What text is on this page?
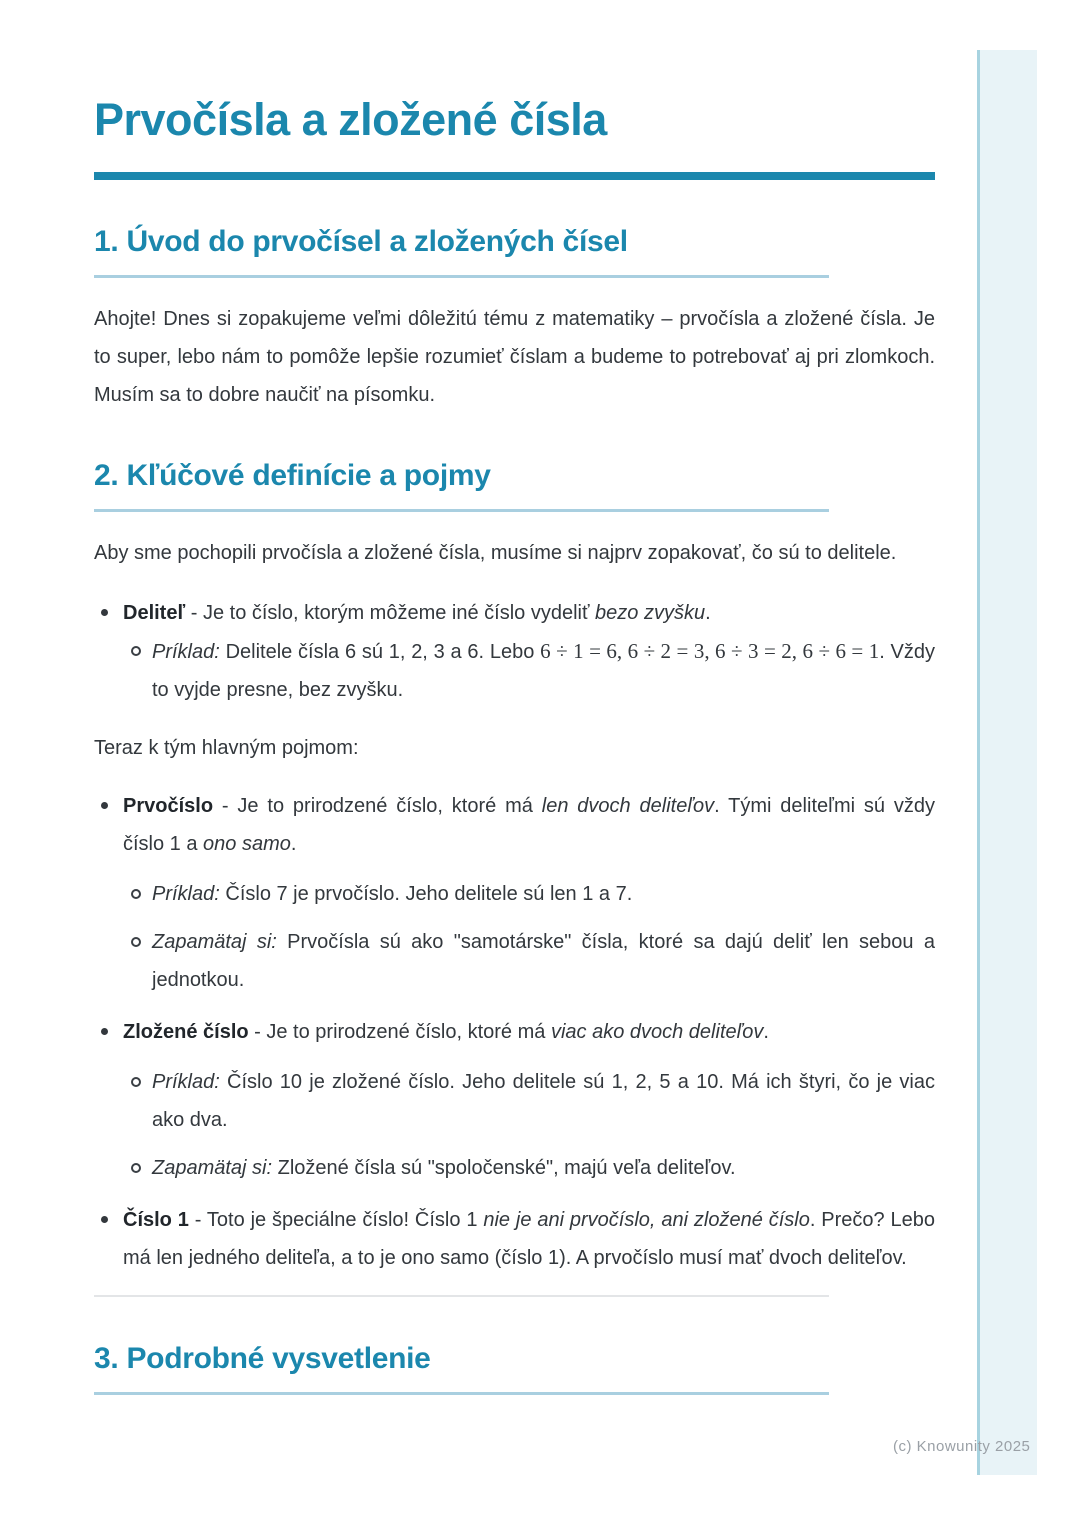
(c) Knowunity 2025
Prvočísla a zložené čísla
1. Úvod do prvočísel a zložených čísel

Ahojte! Dnes si zopakujeme veľmi dôležitú tému z matematiky – prvočísla a zložené čísla. Je to super, lebo nám to pomôže lepšie rozumieť číslam a budeme to potrebovať aj pri zlomkoch. Musím sa to dobre naučiť na písomku.

2. Kľúčové definície a pojmy

Aby sme pochopili prvočísla a zložené čísla, musíme si najprv zopakovať, čo sú to delitele.

Deliteľ - Je to číslo, ktorým môžeme iné číslo vydeliť bezo zvyšku.
Príklad: Delitele čísla 6 sú 1, 2, 3 a 6. Lebo 6 ÷ 1 = 6, 6 ÷ 2 = 3, 6 ÷ 3 = 2, 6 ÷ 6 = 1. Vždy to vyjde presne, bez zvyšku.

Teraz k tým hlavným pojmom:

Prvočíslo - Je to prirodzené číslo, ktoré má len dvoch deliteľov. Tými deliteľmi sú vždy číslo 1 a ono samo.
Príklad: Číslo 7 je prvočíslo. Jeho delitele sú len 1 a 7.
Zapamätaj si: Prvočísla sú ako "samotárske" čísla, ktoré sa dajú deliť len sebou a jednotkou.
Zložené číslo - Je to prirodzené číslo, ktoré má viac ako dvoch deliteľov.
Príklad: Číslo 10 je zložené číslo. Jeho delitele sú 1, 2, 5 a 10. Má ich štyri, čo je viac ako dva.
Zapamätaj si: Zložené čísla sú "spoločenské", majú veľa deliteľov.
Číslo 1 - Toto je špeciálne číslo! Číslo 1 nie je ani prvočíslo, ani zložené číslo. Prečo? Lebo má len jedného deliteľa, a to je ono samo (číslo 1). A prvočíslo musí mať dvoch deliteľov.
3. Podrobné vysvetlenie
